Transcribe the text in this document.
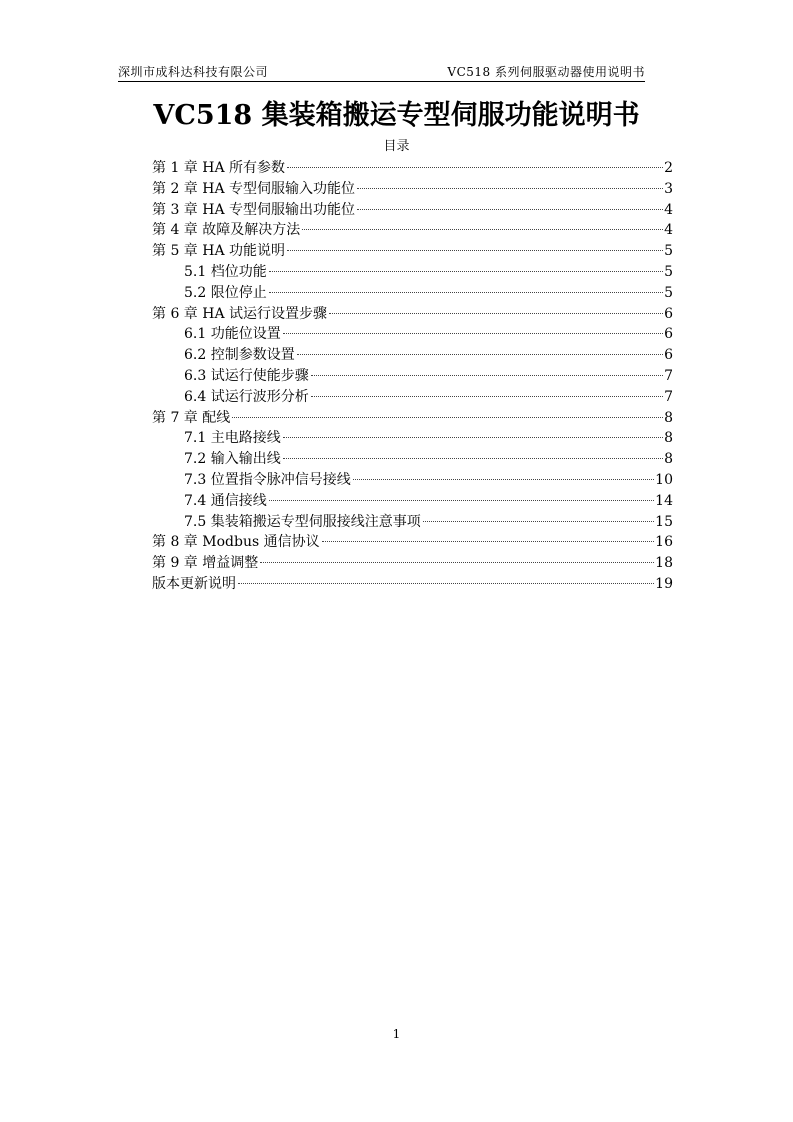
深圳市成科达科技有限公司	VC518 系列伺服驱动器使用说明书
VC518 集装箱搬运专型伺服功能说明书
目录
第 1 章 HA 所有参数	2
第 2 章 HA 专型伺服输入功能位	3
第 3 章 HA 专型伺服输出功能位	4
第 4 章 故障及解决方法	4
第 5 章 HA 功能说明	5
5.1 档位功能	5
5.2 限位停止	5
第 6 章 HA 试运行设置步骤	6
6.1 功能位设置	6
6.2 控制参数设置	6
6.3 试运行使能步骤	7
6.4 试运行波形分析	7
第 7 章 配线	8
7.1 主电路接线	8
7.2 输入输出线	8
7.3 位置指令脉冲信号接线	10
7.4 通信接线	14
7.5 集装箱搬运专型伺服接线注意事项	15
第 8 章 Modbus 通信协议	16
第 9 章 增益调整	18
版本更新说明	19
1
